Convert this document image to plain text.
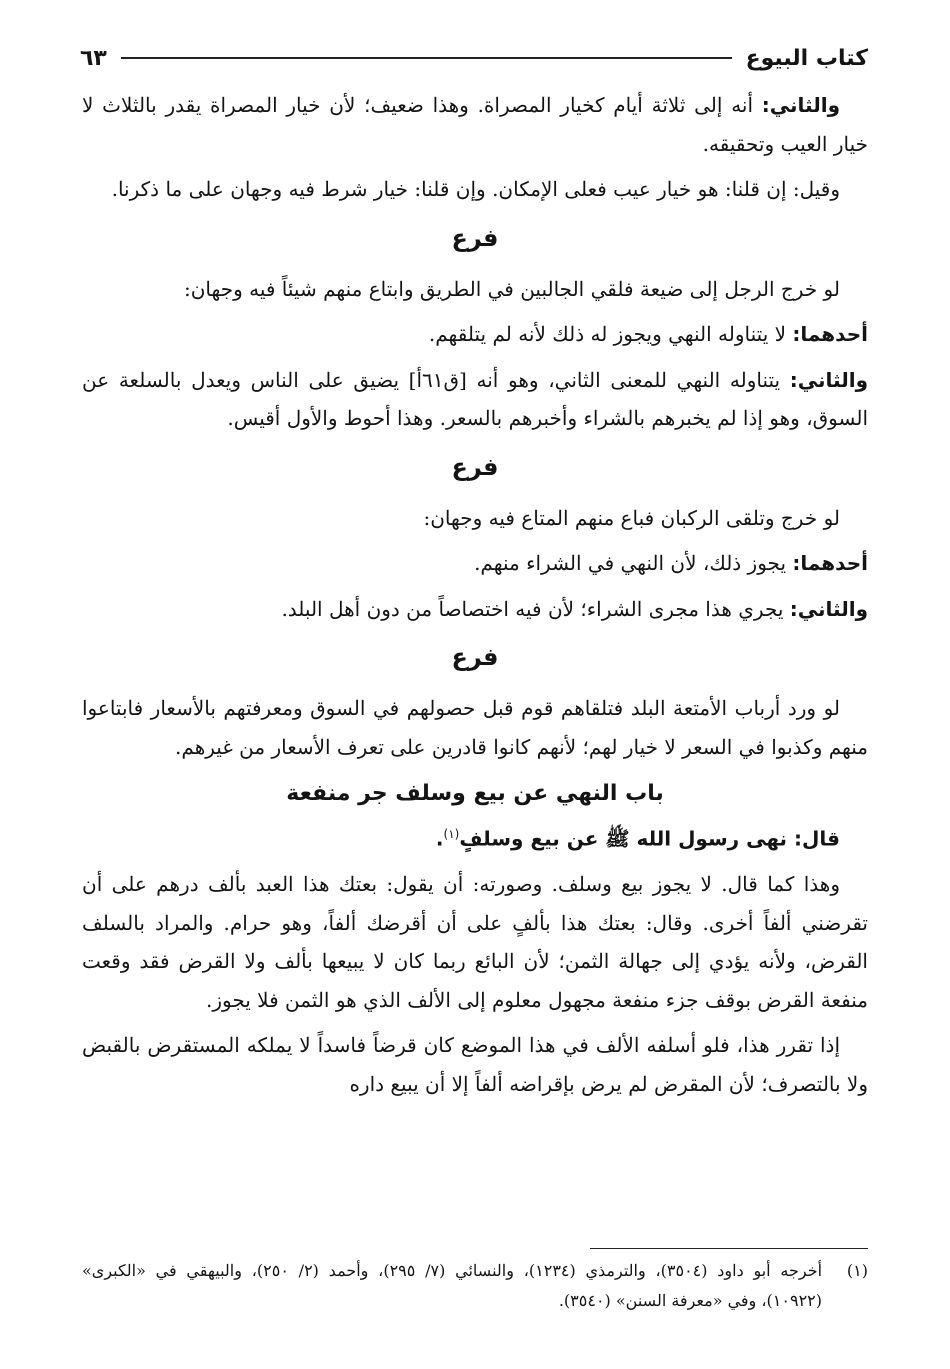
كتاب البيوع
٦٣

والثاني: أنه إلى ثلاثة أيام كخيار المصراة. وهذا ضعيف؛ لأن خيار المصراة يقدر بالثلاث لا خيار العيب وتحقيقه.

وقيل: إن قلنا: هو خيار عيب فعلى الإمكان. وإن قلنا: خيار شرط فيه وجهان على ما ذكرنا.

فرع

لو خرج الرجل إلى ضيعة فلقي الجالبين في الطريق وابتاع منهم شيئاً فيه وجهان:

أحدهما: لا يتناوله النهي ويجوز له ذلك لأنه لم يتلقهم.

والثاني: يتناوله النهي للمعنى الثاني، وهو أنه [ق٦١أ] يضيق على الناس ويعدل بالسلعة عن السوق، وهو إذا لم يخبرهم بالشراء وأخبرهم بالسعر. وهذا أحوط والأول أقيس.

فرع

لو خرج وتلقى الركبان فباع منهم المتاع فيه وجهان:

أحدهما: يجوز ذلك، لأن النهي في الشراء منهم.

والثاني: يجري هذا مجرى الشراء؛ لأن فيه اختصاصاً من دون أهل البلد.

فرع

لو ورد أرباب الأمتعة البلد فتلقاهم قوم قبل حصولهم في السوق ومعرفتهم بالأسعار فابتاعوا منهم وكذبوا في السعر لا خيار لهم؛ لأنهم كانوا قادرين على تعرف الأسعار من غيرهم.

باب النهي عن بيع وسلف جر منفعة

قال: نهى رسول الله ﷺ عن بيع وسلفٍ$^{(١)}$.

وهذا كما قال. لا يجوز بيع وسلف. وصورته: أن يقول: بعتك هذا العبد بألف درهم على أن تقرضني ألفاً أخرى. وقال: بعتك هذا بألفٍ على أن أقرضك ألفاً، وهو حرام. والمراد بالسلف القرض، ولأنه يؤدي إلى جهالة الثمن؛ لأن البائع ربما كان لا يبيعها بألف ولا القرض فقد وقعت منفعة القرض بوقف جزء منفعة مجهول معلوم إلى الألف الذي هو الثمن فلا يجوز.

إذا تقرر هذا، فلو أسلفه الألف في هذا الموضع كان قرضاً فاسداً لا يملكه المستقرض بالقبض ولا بالتصرف؛ لأن المقرض لم يرض بإقراضه ألفاً إلا أن يبيع داره

(١)
أخرجه أبو داود (٣٥٠٤)، والترمذي (١٢٣٤)، والنسائي (٧/ ٢٩٥)، وأحمد (٢/ ٢٥٠)، والبيهقي في «الكبرى» (١٠٩٢٢)، وفي «معرفة السنن» (٣٥٤٠).
